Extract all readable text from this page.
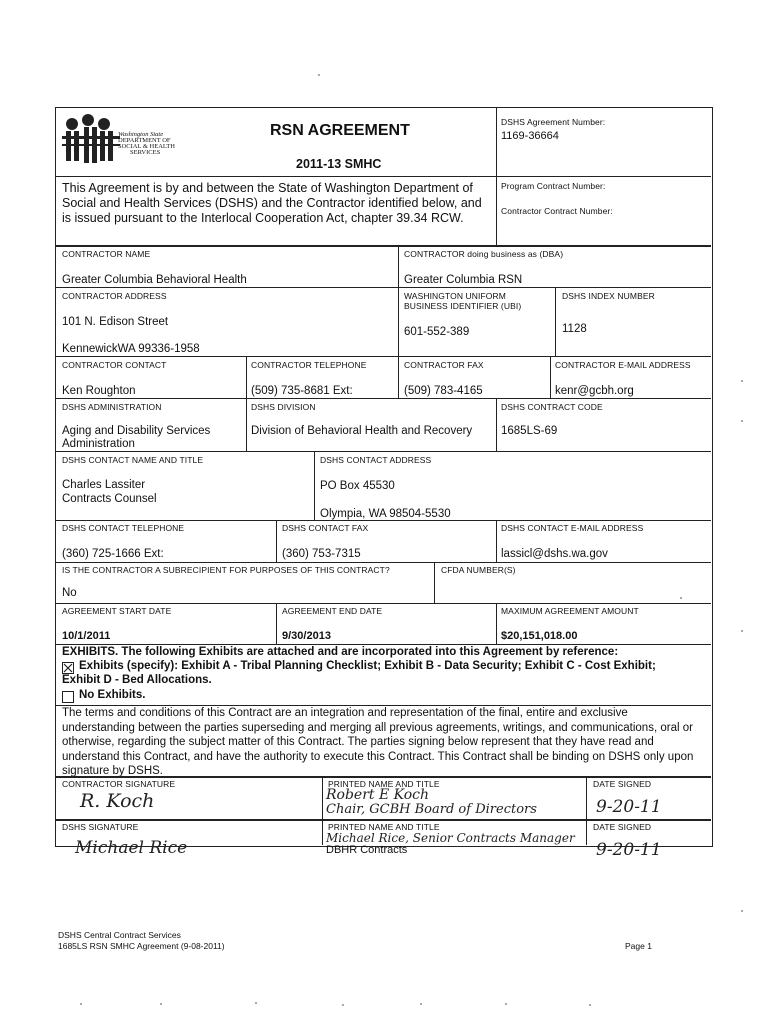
Washington State
DEPARTMENT OF
SOCIAL & HEALTH
SERVICES
RSN AGREEMENT
2011-13 SMHC
DSHS Agreement Number:
1169-36664
Program Contract Number:
Contractor Contract Number:
This Agreement is by and between the State of Washington Department of Social and Health Services (DSHS) and the Contractor identified below, and is issued pursuant to the Interlocal Cooperation Act, chapter 39.34 RCW.
CONTRACTOR NAME
Greater Columbia Behavioral Health
CONTRACTOR doing business as (DBA)
Greater Columbia RSN
CONTRACTOR ADDRESS
101 N. Edison Street
KennewickWA 99336-1958
WASHINGTON UNIFORM
BUSINESS IDENTIFIER (UBI)
601-552-389
DSHS INDEX NUMBER
1128
CONTRACTOR CONTACT
Ken Roughton
CONTRACTOR TELEPHONE
(509) 735-8681 Ext:
CONTRACTOR FAX
(509) 783-4165
CONTRACTOR E-MAIL ADDRESS
kenr@gcbh.org
DSHS ADMINISTRATION
Aging and Disability Services
Administration
DSHS DIVISION
Division of Behavioral Health and Recovery
DSHS CONTRACT CODE
1685LS-69
DSHS CONTACT NAME AND TITLE
Charles Lassiter
Contracts Counsel
DSHS CONTACT ADDRESS
PO Box 45530
Olympia, WA 98504-5530
DSHS CONTACT TELEPHONE
(360) 725-1666 Ext:
DSHS CONTACT FAX
(360) 753-7315
DSHS CONTACT E-MAIL ADDRESS
lassicl@dshs.wa.gov
IS THE CONTRACTOR A SUBRECIPIENT FOR PURPOSES OF THIS CONTRACT?
No
CFDA NUMBER(S)
AGREEMENT START DATE
10/1/2011
AGREEMENT END DATE
9/30/2013
MAXIMUM AGREEMENT AMOUNT
$20,151,018.00
EXHIBITS. The following Exhibits are attached and are incorporated into this Agreement by reference:
Exhibits (specify): Exhibit A - Tribal Planning Checklist; Exhibit B - Data Security; Exhibit C - Cost Exhibit;
Exhibit D - Bed Allocations.
No Exhibits.
The terms and conditions of this Contract are an integration and representation of the final, entire and exclusive understanding between the parties superseding and merging all previous agreements, writings, and communications, oral or otherwise, regarding the subject matter of this Contract. The parties signing below represent that they have read and understand this Contract, and have the authority to execute this Contract. This Contract shall be binding on DSHS only upon signature by DSHS.
CONTRACTOR SIGNATURE
R. Koch
PRINTED NAME AND TITLE
Robert E Koch
Chair, GCBH Board of Directors
DATE SIGNED
9-20-11
DSHS SIGNATURE
Michael Rice
PRINTED NAME AND TITLE
Michael Rice, Senior Contracts Manager
DBHR Contracts
DATE SIGNED
9-20-11
DSHS Central Contract Services
1685LS RSN SMHC Agreement (9-08-2011)	Page 1
